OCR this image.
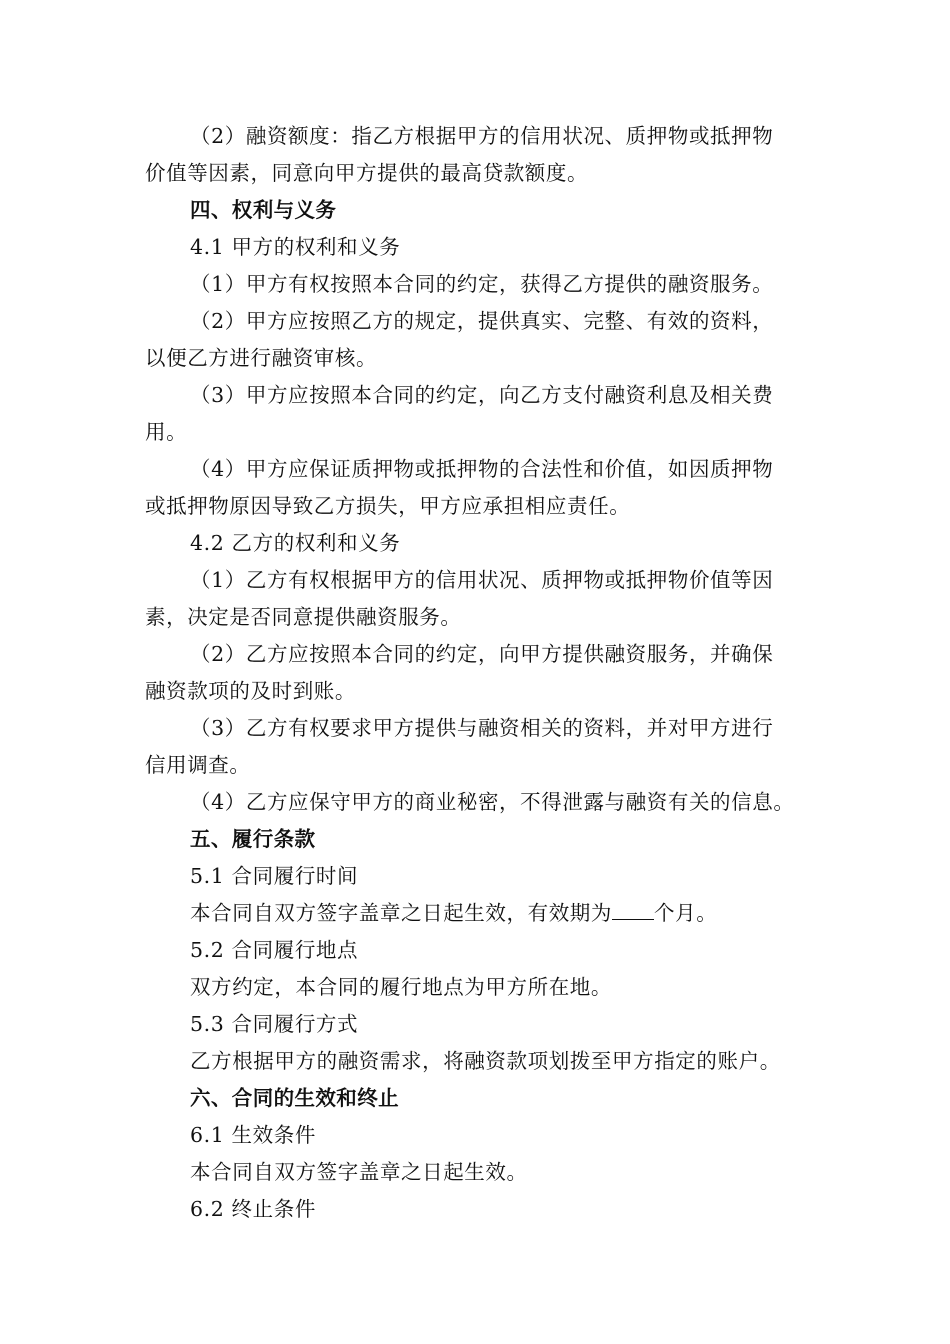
（2）融资额度：指乙方根据甲方的信用状况、质押物或抵押物
价值等因素，同意向甲方提供的最高贷款额度。
四、权利与义务
4.1 甲方的权利和义务
（1）甲方有权按照本合同的约定，获得乙方提供的融资服务。
（2）甲方应按照乙方的规定，提供真实、完整、有效的资料，
以便乙方进行融资审核。
（3）甲方应按照本合同的约定，向乙方支付融资利息及相关费
用。
（4）甲方应保证质押物或抵押物的合法性和价值，如因质押物
或抵押物原因导致乙方损失，甲方应承担相应责任。
4.2 乙方的权利和义务
（1）乙方有权根据甲方的信用状况、质押物或抵押物价值等因
素，决定是否同意提供融资服务。
（2）乙方应按照本合同的约定，向甲方提供融资服务，并确保
融资款项的及时到账。
（3）乙方有权要求甲方提供与融资相关的资料，并对甲方进行
信用调查。
（4）乙方应保守甲方的商业秘密，不得泄露与融资有关的信息。
五、履行条款
5.1 合同履行时间
本合同自双方签字盖章之日起生效，有效期为 个月。
5.2 合同履行地点
双方约定，本合同的履行地点为甲方所在地。
5.3 合同履行方式
乙方根据甲方的融资需求，将融资款项划拨至甲方指定的账户。
六、合同的生效和终止
6.1 生效条件
本合同自双方签字盖章之日起生效。
6.2 终止条件
